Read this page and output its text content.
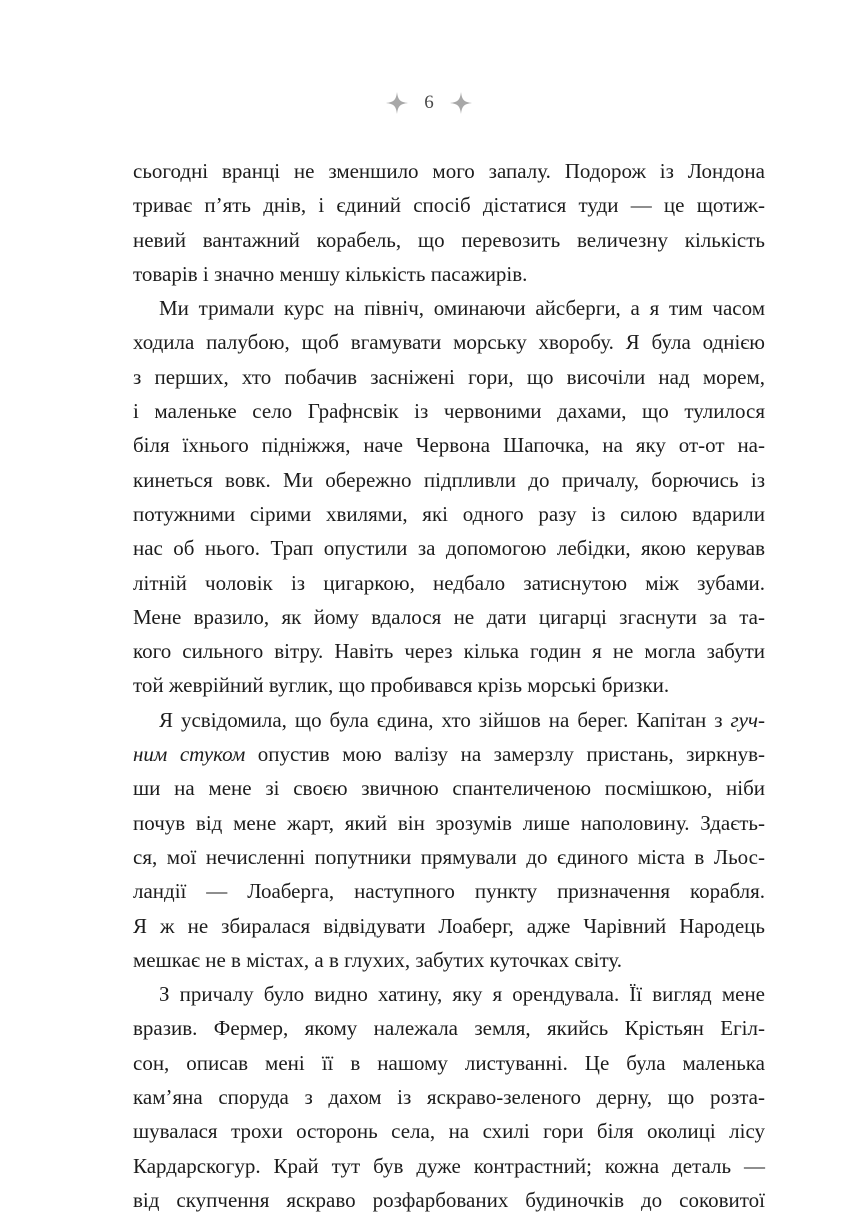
6
сьогодні вранці не зменшило мого запалу. Подорож із Лондона
триває п’ять днів, і єдиний спосіб дістатися туди — це щотиж-
невий вантажний корабель, що перевозить величезну кількість
товарів і значно меншу кількість пасажирів.
Ми тримали курс на північ, оминаючи айсберги, а я тим часом
ходила палубою, щоб вгамувати морську хворобу. Я була однією
з перших, хто побачив засніжені гори, що височіли над морем,
і маленьке село Графнсвік із червоними дахами, що тулилося
біля їхнього підніжжя, наче Червона Шапочка, на яку от-от на-
кинеться вовк. Ми обережно підпливли до причалу, борючись із
потужними сірими хвилями, які одного разу із силою вдарили
нас об нього. Трап опустили за допомогою лебідки, якою керував
літній чоловік із цигаркою, недбало затиснутою між зубами.
Мене вразило, як йому вдалося не дати цигарці згаснути за та-
кого сильного вітру. Навіть через кілька годин я не могла забути
той жеврійний вуглик, що пробивався крізь морські бризки.
Я усвідомила, що була єдина, хто зійшов на берег. Капітан з гуч-
ним стуком опустив мою валізу на замерзлу пристань, зиркнув-
ши на мене зі своєю звичною спантеличеною посмішкою, ніби
почув від мене жарт, який він зрозумів лише наполовину. Здаєть-
ся, мої нечисленні попутники прямували до єдиного міста в Льос-
ландії — Лоаберга, наступного пункту призначення корабля.
Я ж не збиралася відвідувати Лоаберг, адже Чарівний Народець
мешкає не в містах, а в глухих, забутих куточках світу.
З причалу було видно хатину, яку я орендувала. Її вигляд мене
вразив. Фермер, якому належала земля, якийсь Крістьян Егіл-
сон, описав мені її в нашому листуванні. Це була маленька
кам’яна споруда з дахом із яскраво-зеленого дерну, що розта-
шувалася трохи осторонь села, на схилі гори біля околиці лісу
Кардарскогур. Край тут був дуже контрастний; кожна деталь —
від скупчення яскраво розфарбованих будиночків до соковитої
